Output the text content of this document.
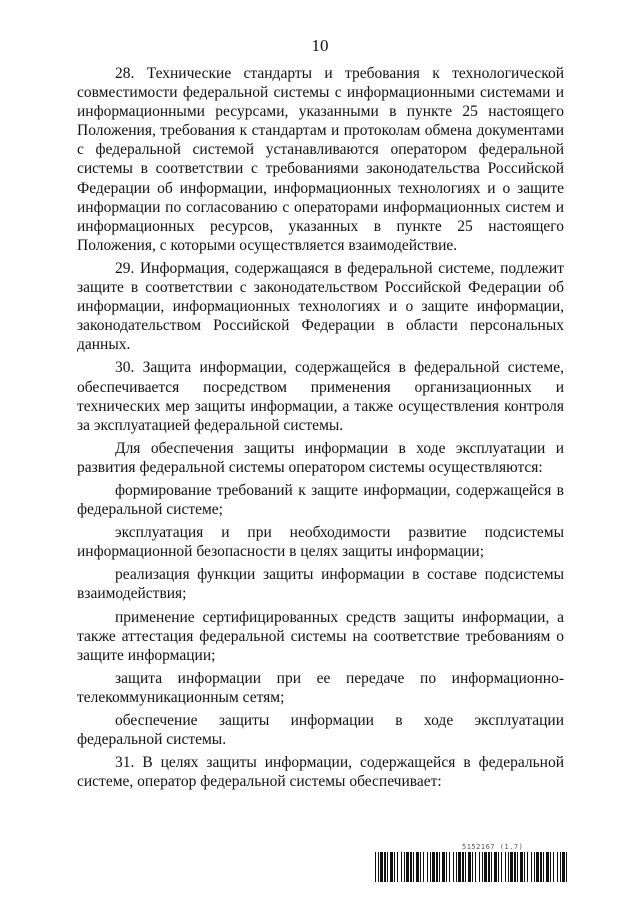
10

28. Технические стандарты и требования к технологической совместимости федеральной системы с информационными системами и информационными ресурсами, указанными в пункте 25 настоящего Положения, требования к стандартам и протоколам обмена документами с федеральной системой устанавливаются оператором федеральной системы в соответствии с требованиями законодательства Российской Федерации об информации, информационных технологиях и о защите информации по согласованию с операторами информационных систем и информационных ресурсов, указанных в пункте 25 настоящего Положения, с которыми осуществляется взаимодействие.

29. Информация, содержащаяся в федеральной системе, подлежит защите в соответствии с законодательством Российской Федерации об информации, информационных технологиях и о защите информации, законодательством Российской Федерации в области персональных данных.

30. Защита информации, содержащейся в федеральной системе, обеспечивается посредством применения организационных и технических мер защиты информации, а также осуществления контроля за эксплуатацией федеральной системы.

Для обеспечения защиты информации в ходе эксплуатации и развития федеральной системы оператором системы осуществляются:

формирование требований к защите информации, содержащейся в федеральной системе;

эксплуатация и при необходимости развитие подсистемы информационной безопасности в целях защиты информации;

реализация функции защиты информации в составе подсистемы взаимодействия;

применение сертифицированных средств защиты информации, а также аттестация федеральной системы на соответствие требованиям о защите информации;

защита информации при ее передаче по информационно-телекоммуникационным сетям;

обеспечение защиты информации в ходе эксплуатации федеральной системы.

31. В целях защиты информации, содержащейся в федеральной системе, оператор федеральной системы обеспечивает:

5152167 (1.7)
